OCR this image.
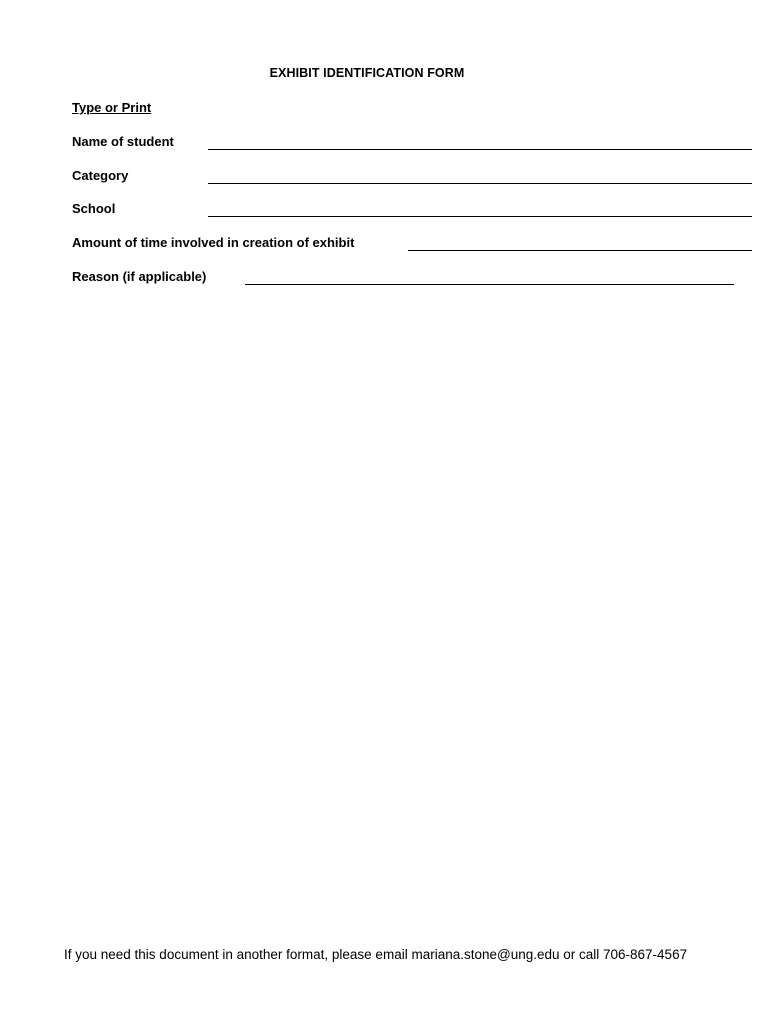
EXHIBIT IDENTIFICATION FORM
Type or Print
Name of student
Category
School
Amount of time involved in creation of exhibit
Reason (if applicable)
If you need this document in another format, please email mariana.stone@ung.edu or call 706-867-4567
